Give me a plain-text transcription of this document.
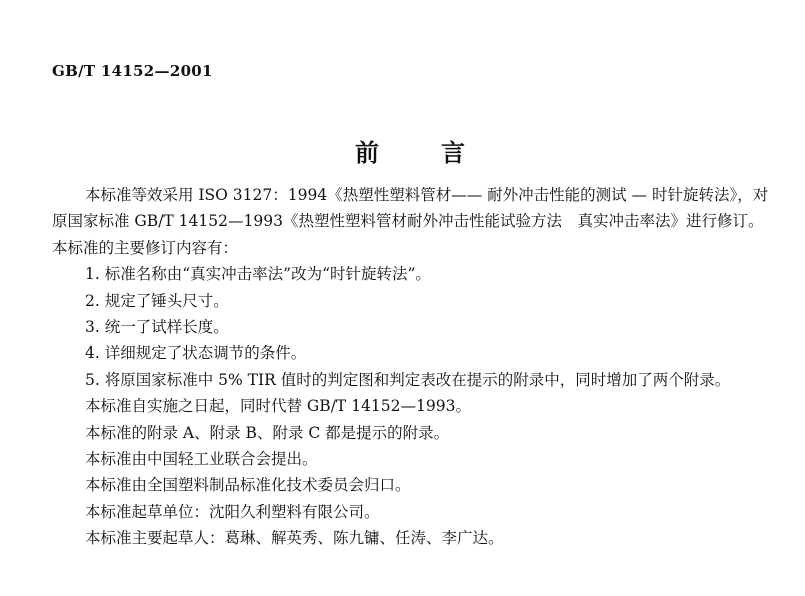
GB/T 14152—2001
前言

本标准等效采用 ISO 3127：1994《热塑性塑料管材—— 耐外冲击性能的测试 — 时针旋转法》，对

原国家标准 GB/T 14152—1993《热塑性塑料管材耐外冲击性能试验方法　真实冲击率法》进行修订。

本标准的主要修订内容有：

1. 标准名称由“真实冲击率法”改为“时针旋转法”。

2. 规定了锤头尺寸。

3. 统一了试样长度。

4. 详细规定了状态调节的条件。

5. 将原国家标准中 5% TIR 值时的判定图和判定表改在提示的附录中，同时增加了两个附录。

本标准自实施之日起，同时代替 GB/T 14152—1993。

本标准的附录 A、附录 B、附录 C 都是提示的附录。

本标准由中国轻工业联合会提出。

本标准由全国塑料制品标准化技术委员会归口。

本标准起草单位：沈阳久利塑料有限公司。

本标准主要起草人：葛琳、解英秀、陈九镛、任涛、李广达。
